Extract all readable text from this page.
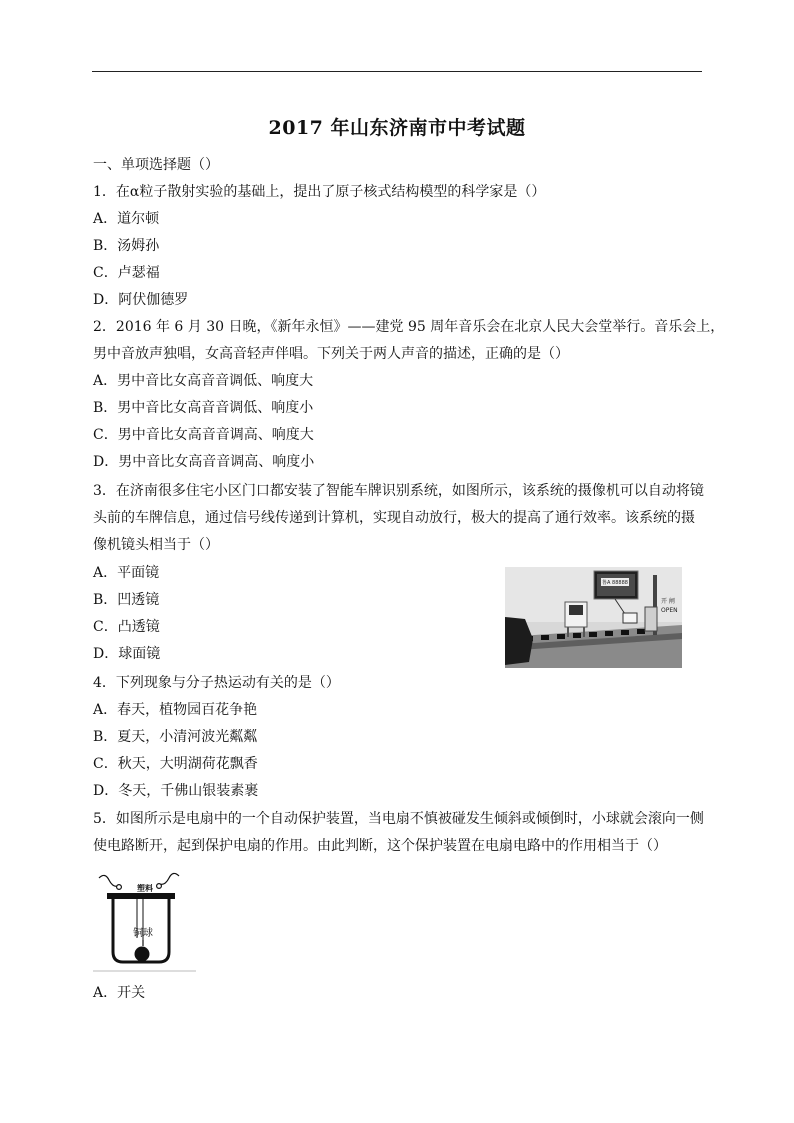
2017 年山东济南市中考试题
一、单项选择题（）
1．在α粒子散射实验的基础上，提出了原子核式结构模型的科学家是（）
A．道尔顿
B．汤姆孙
C．卢瑟福
D．阿伏伽德罗
2．2016 年 6 月 30 日晚，《新年永恒》——建党 95 周年音乐会在北京人民大会堂举行。音乐会上，
男中音放声独唱，女高音轻声伴唱。下列关于两人声音的描述，正确的是（）
A．男中音比女高音音调低、响度大
B．男中音比女高音音调低、响度小
C．男中音比女高音音调高、响度大
D．男中音比女高音音调高、响度小
3．在济南很多住宅小区门口都安装了智能车牌识别系统，如图所示，该系统的摄像机可以自动将镜
头前的车牌信息，通过信号线传递到计算机，实现自动放行，极大的提高了通行效率。该系统的摄
像机镜头相当于（）
A．平面镜
B．凹透镜
C．凸透镜
D．球面镜
鲁A 88888
开 闸
OPEN
4．下列现象与分子热运动有关的是（）
A．春天，植物园百花争艳
B．夏天，小清河波光粼粼
C．秋天，大明湖荷花飘香
D．冬天，千佛山银装素裹
5．如图所示是电扇中的一个自动保护装置，当电扇不慎被碰发生倾斜或倾倒时，小球就会滚向一侧
使电路断开，起到保护电扇的作用。由此判断，这个保护装置在电扇电路中的作用相当于（）
塑料
铜球
A．开关
